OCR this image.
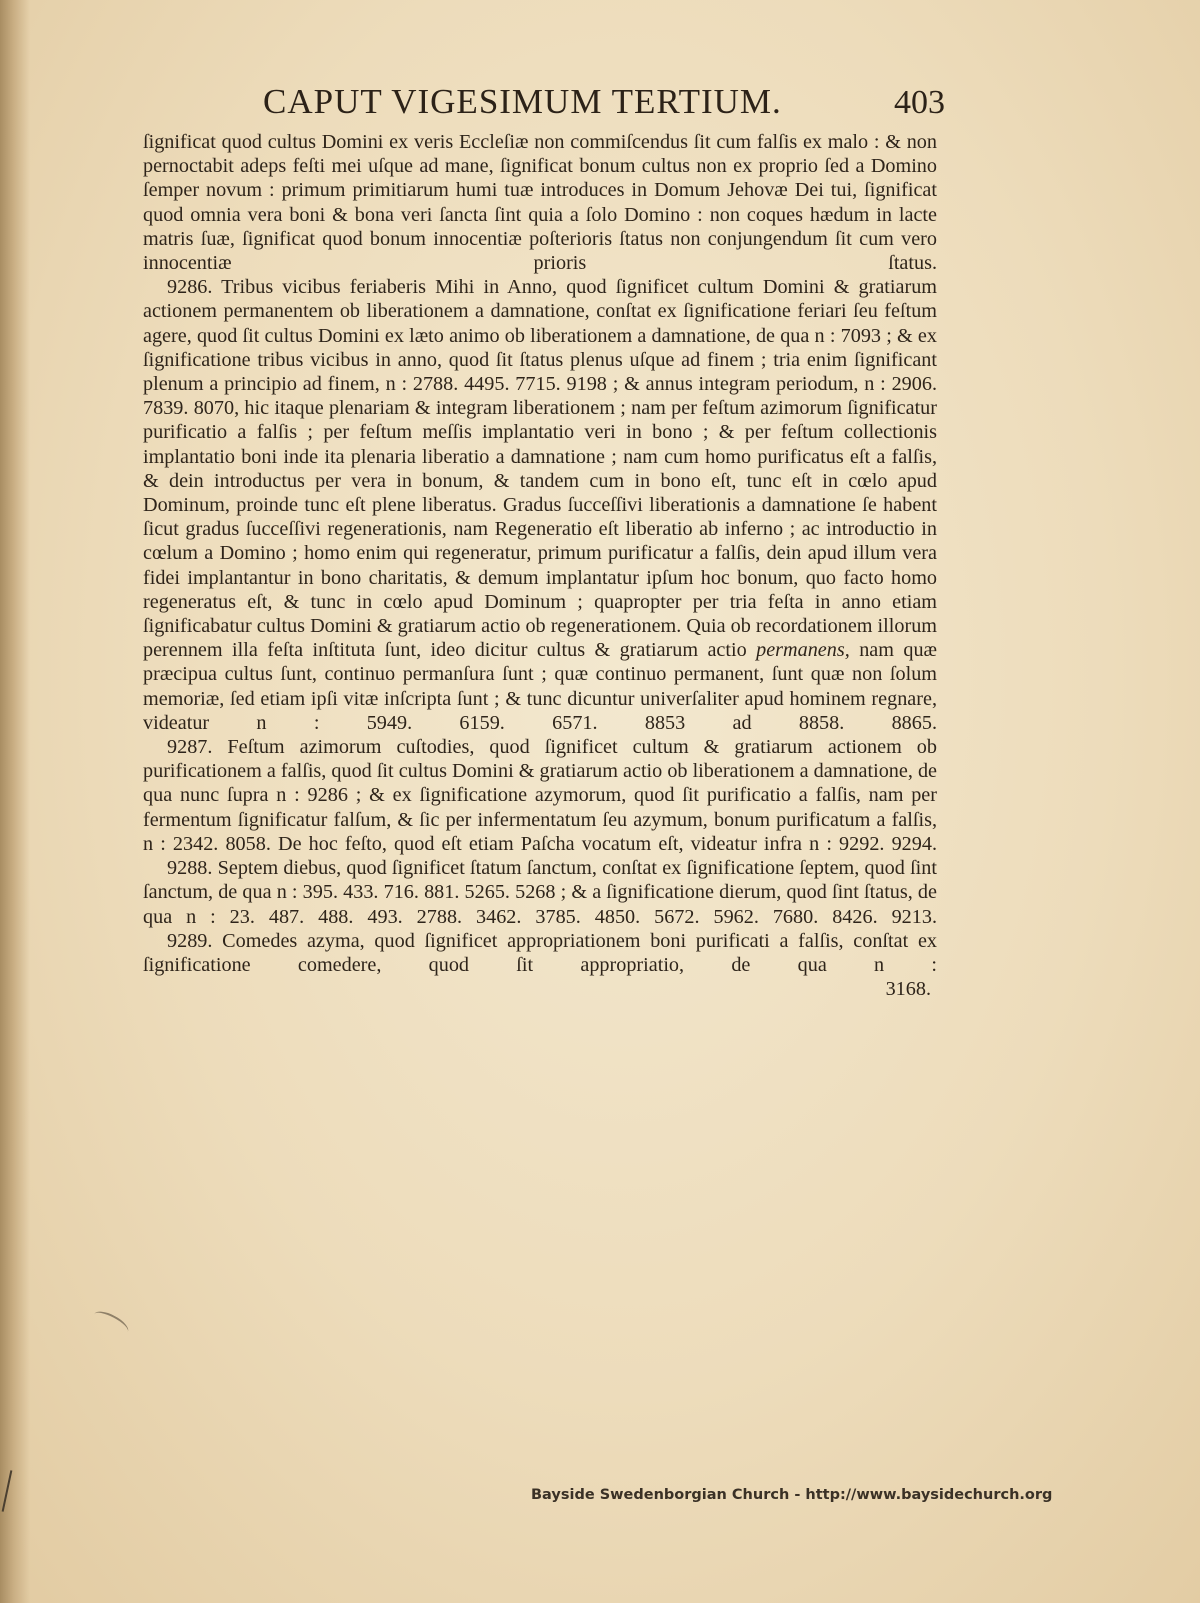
CAPUT VIGESIMUM TERTIUM.	403

ſignificat quod cultus Domini ex veris Eccleſiæ non commiſcendus ſit cum falſis ex malo : & non pernoctabit adeps feſti mei uſque ad mane, ſignificat bonum cultus non ex proprio ſed a Domino ſemper novum : primum primitiarum humi tuæ introduces in Domum Jehovæ Dei tui, ſignificat quod omnia vera boni & bona veri ſancta ſint quia a ſolo Domino : non coques hædum in lacte matris ſuæ, ſignificat quod bonum innocentiæ poſterioris ſtatus non conjungendum ſit cum vero innocentiæ prioris ſtatus.

9286. Tribus vicibus feriaberis Mihi in Anno, quod ſignificet cultum Domini & gratiarum actionem permanentem ob liberationem a damnatione, conſtat ex ſignificatione feriari ſeu feſtum agere, quod ſit cultus Domini ex læto animo ob liberationem a damnatione, de qua n : 7093 ; & ex ſignificatione tribus vicibus in anno, quod ſit ſtatus plenus uſque ad finem ; tria enim ſignificant plenum a principio ad finem, n : 2788. 4495. 7715. 9198 ; & annus integram periodum, n : 2906. 7839. 8070, hic itaque plenariam & integram liberationem ; nam per feſtum azimorum ſignificatur purificatio a falſis ; per feſtum meſſis implantatio veri in bono ; & per feſtum collectionis implantatio boni inde ita plenaria liberatio a damnatione ; nam cum homo purificatus eſt a falſis, & dein introductus per vera in bonum, & tandem cum in bono eſt, tunc eſt in cœlo apud Dominum, proinde tunc eſt plene liberatus. Gradus ſucceſſivi liberationis a damnatione ſe habent ſicut gradus ſucceſſivi regenerationis, nam Regeneratio eſt liberatio ab inferno ; ac introductio in cœlum a Domino ; homo enim qui regeneratur, primum purificatur a falſis, dein apud illum vera fidei implantantur in bono charitatis, & demum implantatur ipſum hoc bonum, quo facto homo regeneratus eſt, & tunc in cœlo apud Dominum ; quapropter per tria feſta in anno etiam ſignificabatur cultus Domini & gratiarum actio ob regenerationem. Quia ob recordationem illorum perennem illa feſta inſtituta ſunt, ideo dicitur cultus & gratiarum actio permanens, nam quæ præcipua cultus ſunt, continuo permanſura ſunt ; quæ continuo permanent, ſunt quæ non ſolum memoriæ, ſed etiam ipſi vitæ inſcripta ſunt ; & tunc dicuntur univerſaliter apud hominem regnare, videatur n : 5949. 6159. 6571. 8853 ad 8858. 8865.

9287. Feſtum azimorum cuſtodies, quod ſignificet cultum & gratiarum actionem ob purificationem a falſis, quod ſit cultus Domini & gratiarum actio ob liberationem a damnatione, de qua nunc ſupra n : 9286 ; & ex ſignificatione azymorum, quod ſit purificatio a falſis, nam per fermentum ſignificatur falſum, & ſic per infermentatum ſeu azymum, bonum purificatum a falſis, n : 2342. 8058. De hoc feſto, quod eſt etiam Paſcha vocatum eſt, videatur infra n : 9292. 9294.

9288. Septem diebus, quod ſignificet ſtatum ſanctum, conſtat ex ſignificatione ſeptem, quod ſint ſanctum, de qua n : 395. 433. 716. 881. 5265. 5268 ; & a ſignificatione dierum, quod ſint ſtatus, de qua n : 23. 487. 488. 493. 2788. 3462. 3785. 4850. 5672. 5962. 7680. 8426. 9213.

9289. Comedes azyma, quod ſignificet appropriationem boni purificati a falſis, conſtat ex ſignificatione comedere, quod ſit appropriatio, de qua n :

3168.

Bayside Swedenborgian Church - http://www.baysidechurch.org
